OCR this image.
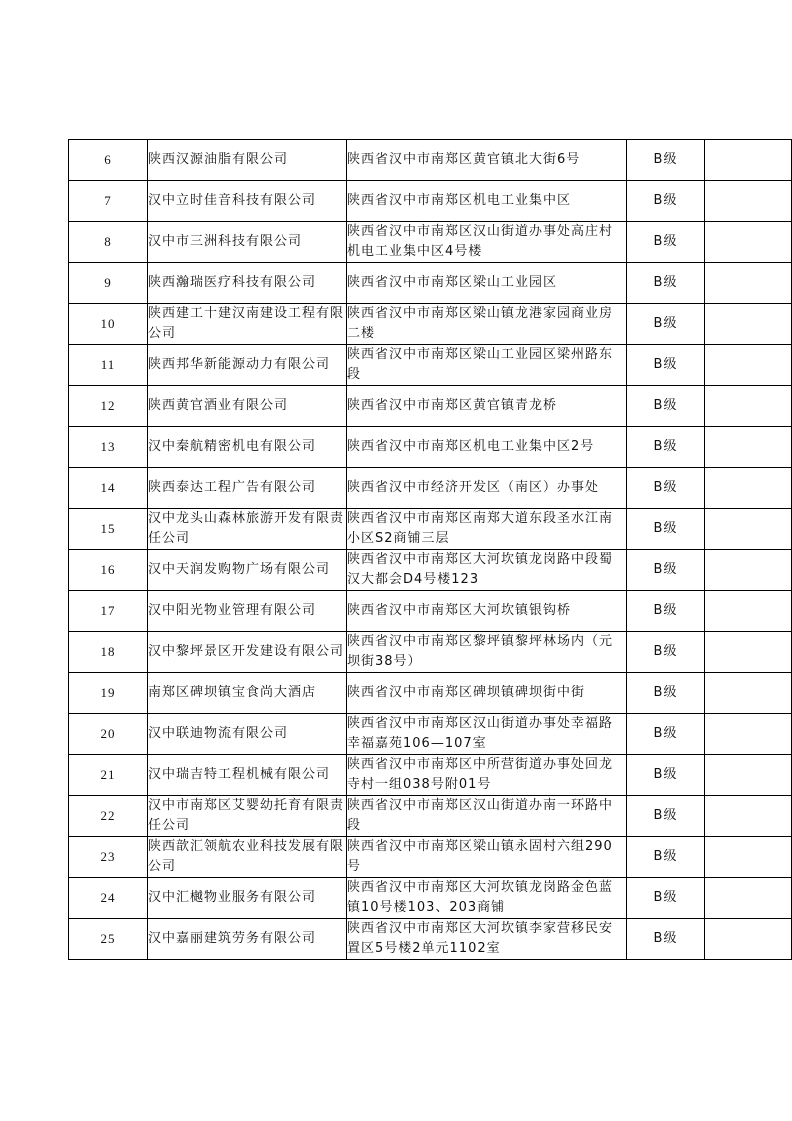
6	陕西汉源油脂有限公司	陕西省汉中市南郑区黄官镇北大街6号	B级	
7	汉中立时佳音科技有限公司	陕西省汉中市南郑区机电工业集中区	B级	
8	汉中市三洲科技有限公司	陕西省汉中市南郑区汉山街道办事处高庄村机电工业集中区4号楼	B级	
9	陕西瀚瑞医疗科技有限公司	陕西省汉中市南郑区梁山工业园区	B级	
10	陕西建工十建汉南建设工程有限公司	陕西省汉中市南郑区梁山镇龙港家园商业房二楼	B级	
11	陕西邦华新能源动力有限公司	陕西省汉中市南郑区梁山工业园区梁州路东段	B级	
12	陕西黄官酒业有限公司	陕西省汉中市南郑区黄官镇青龙桥	B级	
13	汉中秦航精密机电有限公司	陕西省汉中市南郑区机电工业集中区2号	B级	
14	陕西泰达工程广告有限公司	陕西省汉中市经济开发区（南区）办事处	B级	
15	汉中龙头山森林旅游开发有限责任公司	陕西省汉中市南郑区南郑大道东段圣水江南小区S2商铺三层	B级	
16	汉中天润发购物广场有限公司	陕西省汉中市南郑区大河坎镇龙岗路中段蜀汉大都会D4号楼123	B级	
17	汉中阳光物业管理有限公司	陕西省汉中市南郑区大河坎镇银钩桥	B级	
18	汉中黎坪景区开发建设有限公司	陕西省汉中市南郑区黎坪镇黎坪林场内（元坝街38号）	B级	
19	南郑区碑坝镇宝食尚大酒店	陕西省汉中市南郑区碑坝镇碑坝街中街	B级	
20	汉中联迪物流有限公司	陕西省汉中市南郑区汉山街道办事处幸福路幸福嘉苑106—107室	B级	
21	汉中瑞吉特工程机械有限公司	陕西省汉中市南郑区中所营街道办事处回龙寺村一组038号附01号	B级	
22	汉中市南郑区艾婴幼托育有限责任公司	陕西省汉中市南郑区汉山街道办南一环路中段	B级	
23	陕西歆汇领航农业科技发展有限公司	陕西省汉中市南郑区梁山镇永固村六组290号	B级	
24	汉中汇樾物业服务有限公司	陕西省汉中市南郑区大河坎镇龙岗路金色蓝镇10号楼103、203商铺	B级	
25	汉中嘉丽建筑劳务有限公司	陕西省汉中市南郑区大河坎镇李家营移民安置区5号楼2单元1102室	B级	
